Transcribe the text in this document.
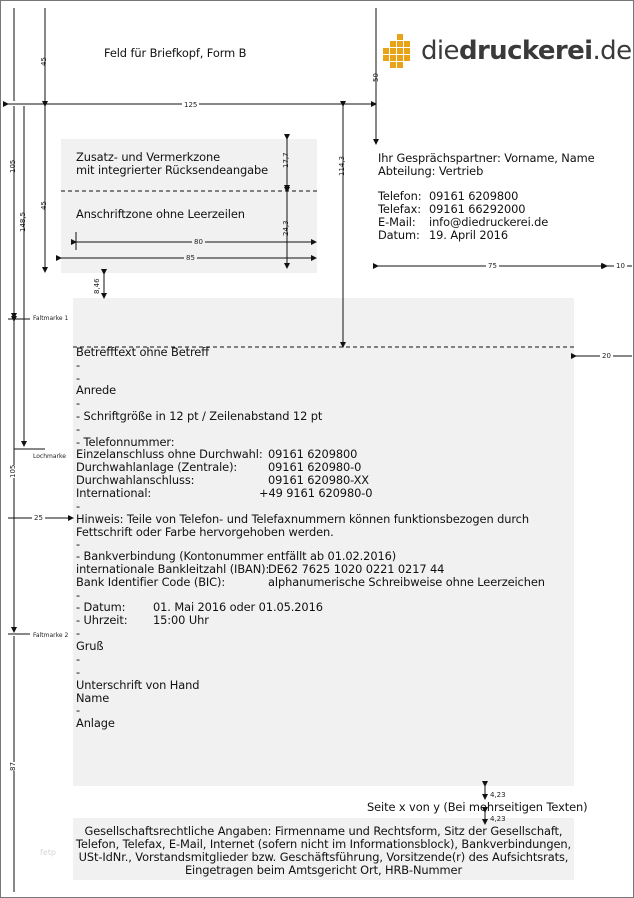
45
125
50
105
148,5
45
17,7	114,3
24,3
80
85
75	10
8,46
20
105
25
87
4,23
4,23
Faltmarke 1
Lochmarke
Faltmarke 2
Feld für Briefkopf, Form B	diedruckerei.de
Zusatz- und Vermerkzone
mit integrierter Rücksendeangabe
Anschriftzone ohne Leerzeilen
Ihr Gesprächspartner: Vorname, Name
Abteilung: Vertrieb
Telefon: 09161 6209800
Telefax: 09161 66292000
E-Mail: info@diedruckerei.de
Datum: 19. April 2016
Betrefftext ohne Betreff
-
-
Anrede
-
- Schriftgröße in 12 pt / Zeilenabstand 12 pt
-
- Telefonnummer:
Einzelanschluss ohne Durchwahl: 09161 6209800
Durchwahlanlage (Zentrale):	09161 620980-0
Durchwahlanschluss:	09161 620980-XX
International:	+49 9161 620980-0
-
Hinweis: Teile von Telefon- und Telefaxnummern können funktionsbezogen durch
Fettschrift oder Farbe hervorgehoben werden.
-
- Bankverbindung (Kontonummer entfällt ab 01.02.2016)
internationale Bankleitzahl (IBAN):
DE62 7625 1020 0221 0217 44
Bank Identifier Code (BIC):	alphanumerische Schreibweise ohne Leerzeichen
-
- Datum: 01. Mai 2016 oder 01.05.2016
- Uhrzeit: 15:00 Uhr
-
Gruß
-
-
Unterschrift von Hand
Name
-
Anlage
Seite x von y (Bei mehrseitigen Texten)
Gesellschaftsrechtliche Angaben: Firmenname und Rechtsform, Sitz der Gesellschaft,
Telefon, Telefax, E-Mail, Internet (sofern nicht im Informationsblock), Bankverbindungen,
USt-IdNr., Vorstandsmitglieder bzw. Geschäftsführung, Vorsitzende(r) des Aufsichtsrats,
Eingetragen beim Amtsgericht Ort, HRB-Nummer
fetp
